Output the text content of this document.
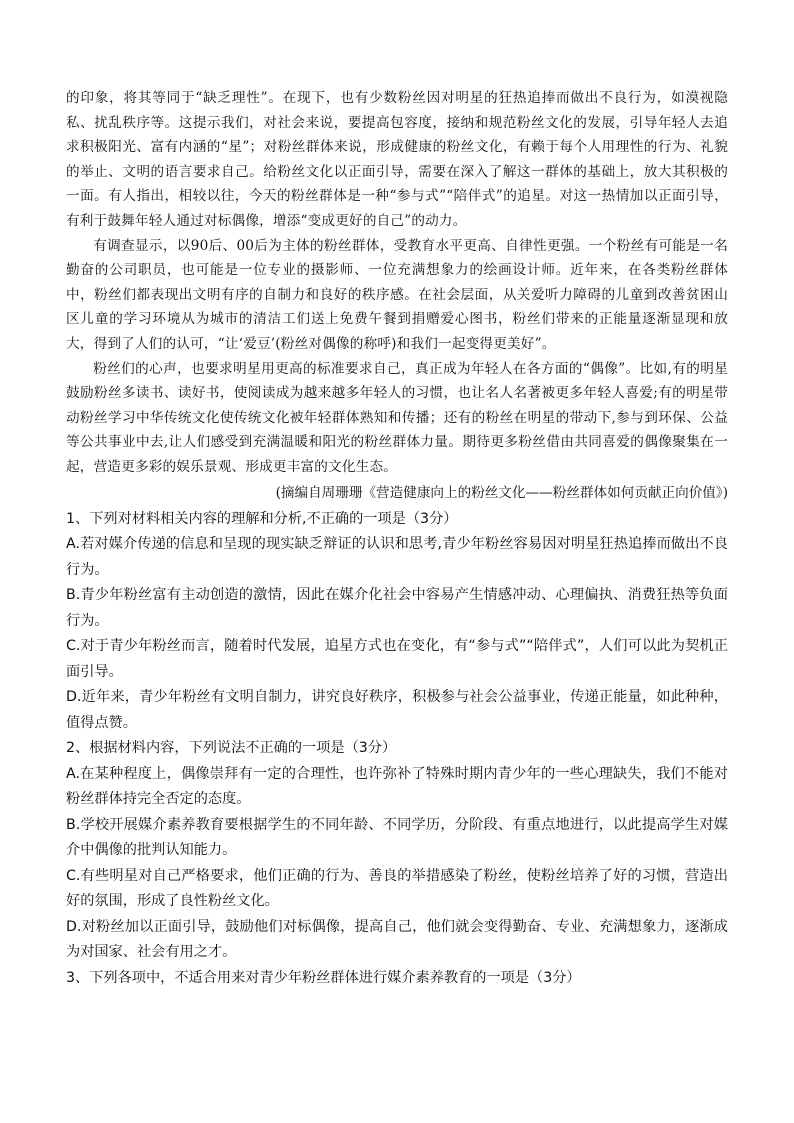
的印象，将其等同于“缺乏理性”。在现下，也有少数粉丝因对明星的狂热追捧而做出不良行为，如漠视隐私、扰乱秩序等。这提示我们，对社会来说，要提高包容度，接纳和规范粉丝文化的发展，引导年轻人去追求积极阳光、富有内涵的“星”；对粉丝群体来说，形成健康的粉丝文化，有赖于每个人用理性的行为、礼貌的举止、文明的语言要求自己。给粉丝文化以正面引导，需要在深入了解这一群体的基础上，放大其积极的一面。有人指出，相较以往，今天的粉丝群体是一种“参与式”“陪伴式”的追星。对这一热情加以正面引导，有利于鼓舞年轻人通过对标偶像，增添“变成更好的自己”的动力。

有调查显示，以90后、00后为主体的粉丝群体，受教育水平更高、自律性更强。一个粉丝有可能是一名勤奋的公司职员，也可能是一位专业的摄影师、一位充满想象力的绘画设计师。近年来，在各类粉丝群体中，粉丝们都表现出文明有序的自制力和良好的秩序感。在社会层面，从关爱听力障碍的儿童到改善贫困山区儿童的学习环境从为城市的清洁工们送上免费午餐到捐赠爱心图书，粉丝们带来的正能量逐渐显现和放大，得到了人们的认可，“让‘爱豆’(粉丝对偶像的称呼)和我们一起变得更美好”。

粉丝们的心声，也要求明星用更高的标准要求自己，真正成为年轻人在各方面的“偶像”。比如,有的明星鼓励粉丝多读书、读好书，使阅读成为越来越多年轻人的习惯，也让名人名著被更多年轻人喜爱;有的明星带动粉丝学习中华传统文化使传统文化被年轻群体熟知和传播；还有的粉丝在明星的带动下,参与到环保、公益等公共事业中去,让人们感受到充满温暖和阳光的粉丝群体力量。期待更多粉丝借由共同喜爱的偶像聚集在一起，营造更多彩的娱乐景观、形成更丰富的文化生态。

(摘编自周珊珊《营造健康向上的粉丝文化——粉丝群体如何贡献正向价值》)

1、下列对材料相关内容的理解和分析,不正确的一项是（3分）

A.若对媒介传递的信息和呈现的现实缺乏辩证的认识和思考,青少年粉丝容易因对明星狂热追捧而做出不良行为。

B.青少年粉丝富有主动创造的激情，因此在媒介化社会中容易产生情感冲动、心理偏执、消费狂热等负面行为。

C.对于青少年粉丝而言，随着时代发展，追星方式也在变化，有“参与式”“陪伴式”，人们可以此为契机正面引导。

D.近年来，青少年粉丝有文明自制力，讲究良好秩序，积极参与社会公益事业，传递正能量，如此种种，值得点赞。

2、根据材料内容，下列说法不正确的一项是（3分）

A.在某种程度上，偶像崇拜有一定的合理性，也许弥补了特殊时期内青少年的一些心理缺失，我们不能对粉丝群体持完全否定的态度。

B.学校开展媒介素养教育要根据学生的不同年龄、不同学历，分阶段、有重点地进行，以此提高学生对媒介中偶像的批判认知能力。

C.有些明星对自己严格要求，他们正确的行为、善良的举措感染了粉丝，使粉丝培养了好的习惯，营造出好的氛围，形成了良性粉丝文化。

D.对粉丝加以正面引导，鼓励他们对标偶像，提高自己，他们就会变得勤奋、专业、充满想象力，逐渐成为对国家、社会有用之才。

3、下列各项中，不适合用来对青少年粉丝群体进行媒介素养教育的一项是（3分）
